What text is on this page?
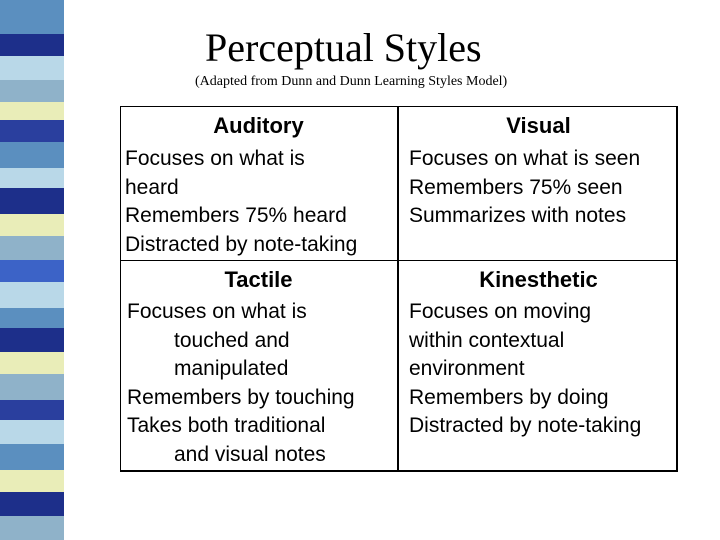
Perceptual Styles
(Adapted from Dunn and Dunn Learning Styles Model)
Auditory
Focuses on what is
heard
Remembers 75% heard
Distracted by note-taking
Visual
Focuses on what is seen
Remembers 75% seen
Summarizes with notes
Tactile
Focuses on what is
touched and
manipulated
Remembers by touching
Takes both traditional
and visual notes
Kinesthetic
Focuses on moving
within contextual
environment
Remembers by doing
Distracted by note-taking
